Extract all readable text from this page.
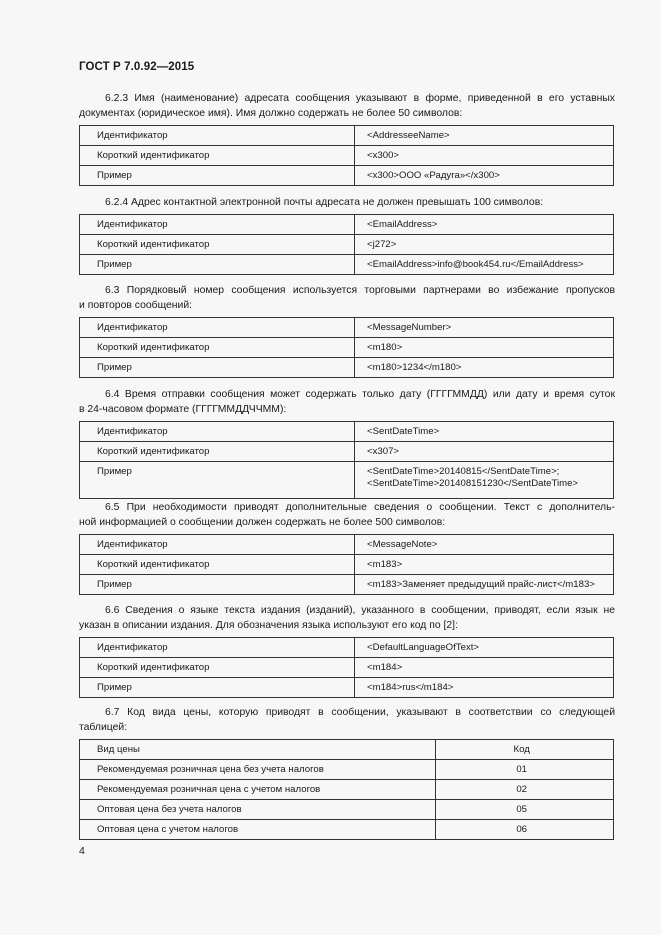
ГОСТ Р 7.0.92—2015

6.2.3 Имя (наименование) адресата сообщения указывают в форме, приведенной в его уставных
документах (юридическое имя). Имя должно содержать не более 50 символов:

Идентификатор	<AddresseeName>
Короткий идентификатор	<x300>
Пример	<x300>ООО «Радуга»</x300>

6.2.4 Адрес контактной электронной почты адресата не должен превышать 100 символов:

Идентификатор	<EmailAddress>
Короткий идентификатор	<j272>
Пример	<EmailAddress>info@book454.ru</EmailAddress>

6.3 Порядковый номер сообщения используется торговыми партнерами во избежание пропусков
и повторов сообщений:

Идентификатор	<MessageNumber>
Короткий идентификатор	<m180>
Пример	<m180>1234</m180>

6.4 Время отправки сообщения может содержать только дату (ГГГГММДД) или дату и время суток
в 24-часовом формате (ГГГГММДДЧЧММ):

Идентификатор	<SentDateTime>
Короткий идентификатор	<x307>
Пример	<SentDateTime>20140815</SentDateTime>;
<SentDateTime>201408151230</SentDateTime>

6.5 При необходимости приводят дополнительные сведения о сообщении. Текст с дополнитель-
ной информацией о сообщении должен содержать не более 500 символов:

Идентификатор	<MessageNote>
Короткий идентификатор	<m183>
Пример	<m183>Заменяет предыдущий прайс-лист</m183>

6.6 Сведения о языке текста издания (изданий), указанного в сообщении, приводят, если язык не
указан в описании издания. Для обозначения языка используют его код по [2]:

Идентификатор	<DefaultLanguageOfText>
Короткий идентификатор	<m184>
Пример	<m184>rus</m184>

6.7 Код вида цены, которую приводят в сообщении, указывают в соответствии со следующей
таблицей:

Вид цены	Код
Рекомендуемая розничная цена без учета налогов	01
Рекомендуемая розничная цена с учетом налогов	02
Оптовая цена без учета налогов	05
Оптовая цена с учетом налогов	06
4
